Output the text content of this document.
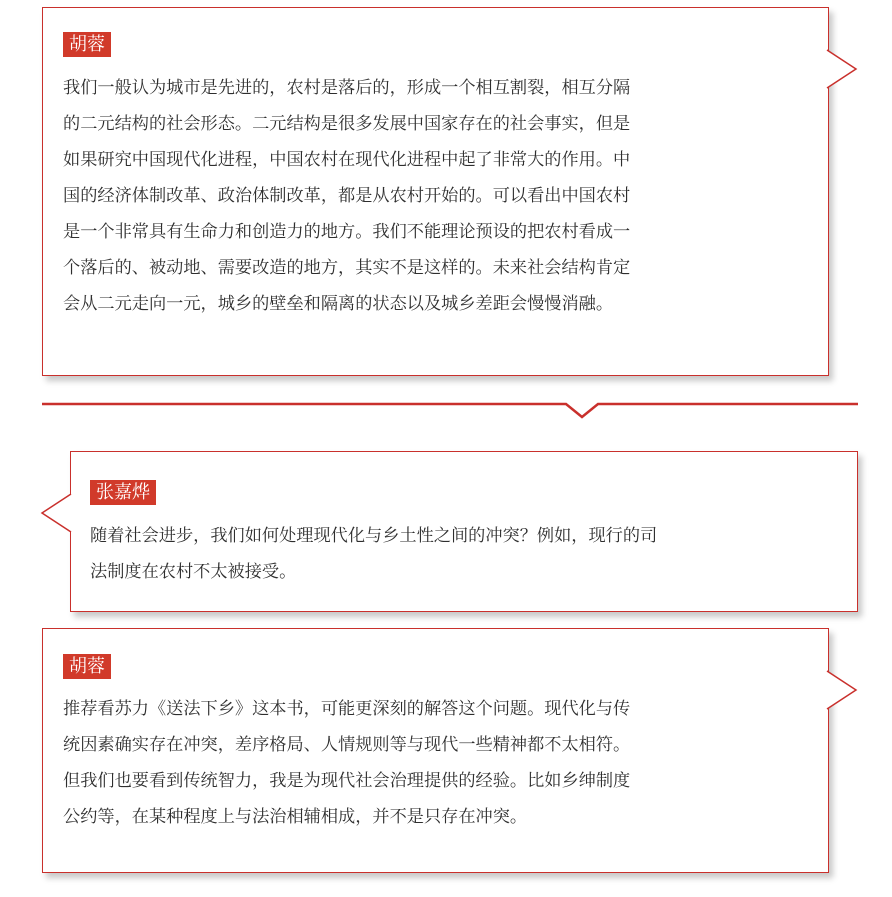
胡蓉
我们一般认为城市是先进的，农村是落后的，形成一个相互割裂，相互分隔
的二元结构的社会形态。二元结构是很多发展中国家存在的社会事实，但是
如果研究中国现代化进程，中国农村在现代化进程中起了非常大的作用。中
国的经济体制改革、政治体制改革，都是从农村开始的。可以看出中国农村
是一个非常具有生命力和创造力的地方。我们不能理论预设的把农村看成一
个落后的、被动地、需要改造的地方，其实不是这样的。未来社会结构肯定
会从二元走向一元，城乡的壁垒和隔离的状态以及城乡差距会慢慢消融。
张嘉烨
随着社会进步，我们如何处理现代化与乡土性之间的冲突？例如，现行的司
法制度在农村不太被接受。
胡蓉
推荐看苏力《送法下乡》这本书，可能更深刻的解答这个问题。现代化与传
统因素确实存在冲突，差序格局、人情规则等与现代一些精神都不太相符。
但我们也要看到传统智力，我是为现代社会治理提供的经验。比如乡绅制度
公约等，在某种程度上与法治相辅相成，并不是只存在冲突。
